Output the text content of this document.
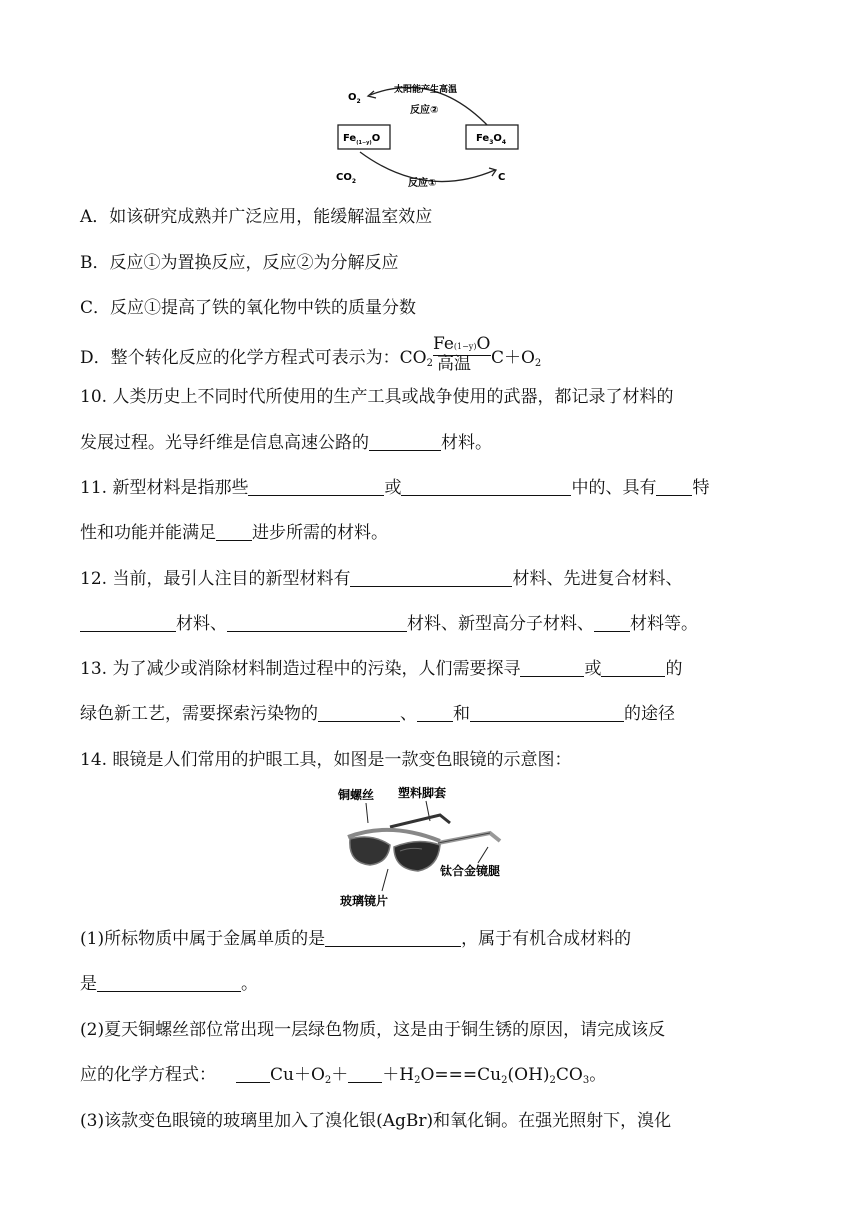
$O_2$
太阳能产生高温
反应②
$Fe_{(1-y)}O$	$Fe_3O_4$
$CO_2$	反应①
C
A．如该研究成熟并广泛应用，能缓解温室效应
B．反应①为置换反应，反应②为分解反应
C．反应①提高了铁的氧化物中铁的质量分数
D．整个转化反应的化学方程式可表示为：$CO_2 \frac{Fe(1-y)O}{\text{高温}} C+O_2$
10. 人类历史上不同时代所使用的生产工具或战争使用的武器，都记录了材料的
发展过程。光导纤维是信息高速公路的	材料。
11. 新型材料是指那些	或	中的、具有 特
性和功能并能满足 进步所需的材料。
12. 当前，最引人注目的新型材料有	材料、先进复合材料、
材料、	材料、新型高分子材料、 材料等。
13. 为了减少或消除材料制造过程中的污染，人们需要探寻	或	的
绿色新工艺，需要探索污染物的	、 和	的途径
14. 眼镜是人们常用的护眼工具，如图是一款变色眼镜的示意图：
铜螺丝 塑料脚套
钛合金镜腿
玻璃镜片
(1)所标物质中属于金属单质的是	，属于有机合成材料的
是	。
(2)夏天铜螺丝部位常出现一层绿色物质，这是由于铜生锈的原因，请完成该反
应的化学方程式：	$Cu+O_2+ +H_2O===Cu_2(OH)_2CO_3$。
(3)该款变色眼镜的玻璃里加入了溴化银(AgBr)和氧化铜。在强光照射下，溴化
